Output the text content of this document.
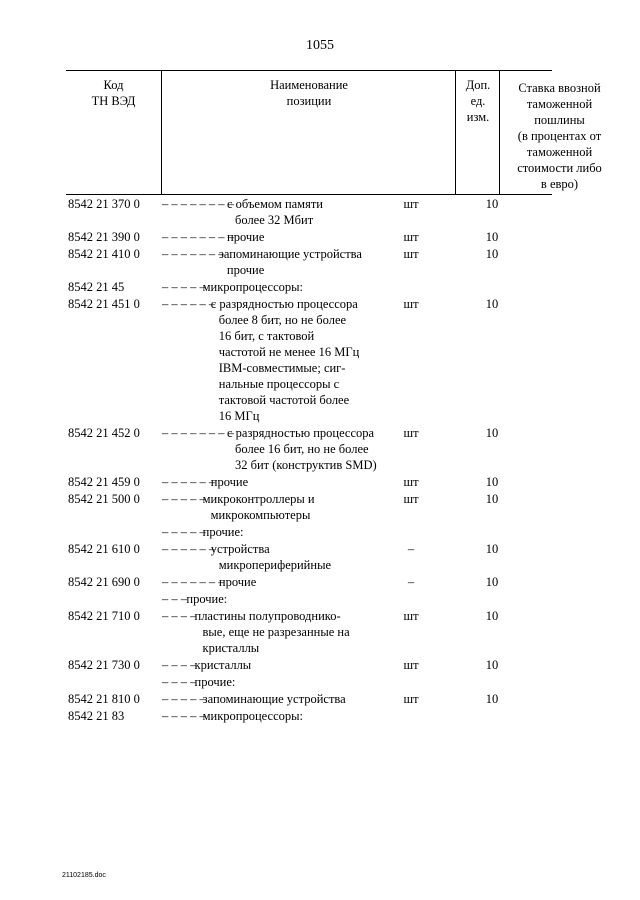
1055
Код
ТН ВЭД
Наименование
позиции
Доп.
ед.
изм.
Ставка ввозной
таможенной
пошлины
(в процентах от
таможенной
стоимости либо
в евро)
8542 21 370 0 – – – – – – – –
с объемом памяти
более 32 Мбит
шт	10
8542 21 390 0 – – – – – – – –
прочие	шт	10
8542 21 410 0 – – – – – – –
запоминающие устройства
прочие
шт	10
8542 21 45	– – – – –
микропроцессоры:
8542 21 451 0 – – – – – –
с разрядностью процессора
более 8 бит, но не более
16 бит, с тактовой
частотой не менее 16 МГц
IBM-совместимые; сиг-
нальные процессоры с
тактовой частотой более
16 МГц
шт	10
8542 21 452 0 – – – – – – – –
с разрядностью процессора
более 16 бит, но не более
32 бит (конструктив SMD)
шт	10
8542 21 459 0 – – – – – –
прочие	шт	10
8542 21 500 0 – – – – –
микроконтроллеры и
микрокомпьютеры
шт	10
– – – – –
прочие:
8542 21 610 0 – – – – – –
устройства
микропериферийные
–	10
8542 21 690 0 – – – – – – –
прочие	–	10
– – – прочие:
8542 21 710 0 – – – –
пластины полупроводнико-
вые, еще не разрезанные на
кристаллы
шт	10
8542 21 730 0 – – – –
кристаллы	шт	10
– – – –
прочие:
8542 21 810 0 – – – – –
запоминающие устройства	шт	10
8542 21 83	– – – – –
микропроцессоры:
21102185.doc
